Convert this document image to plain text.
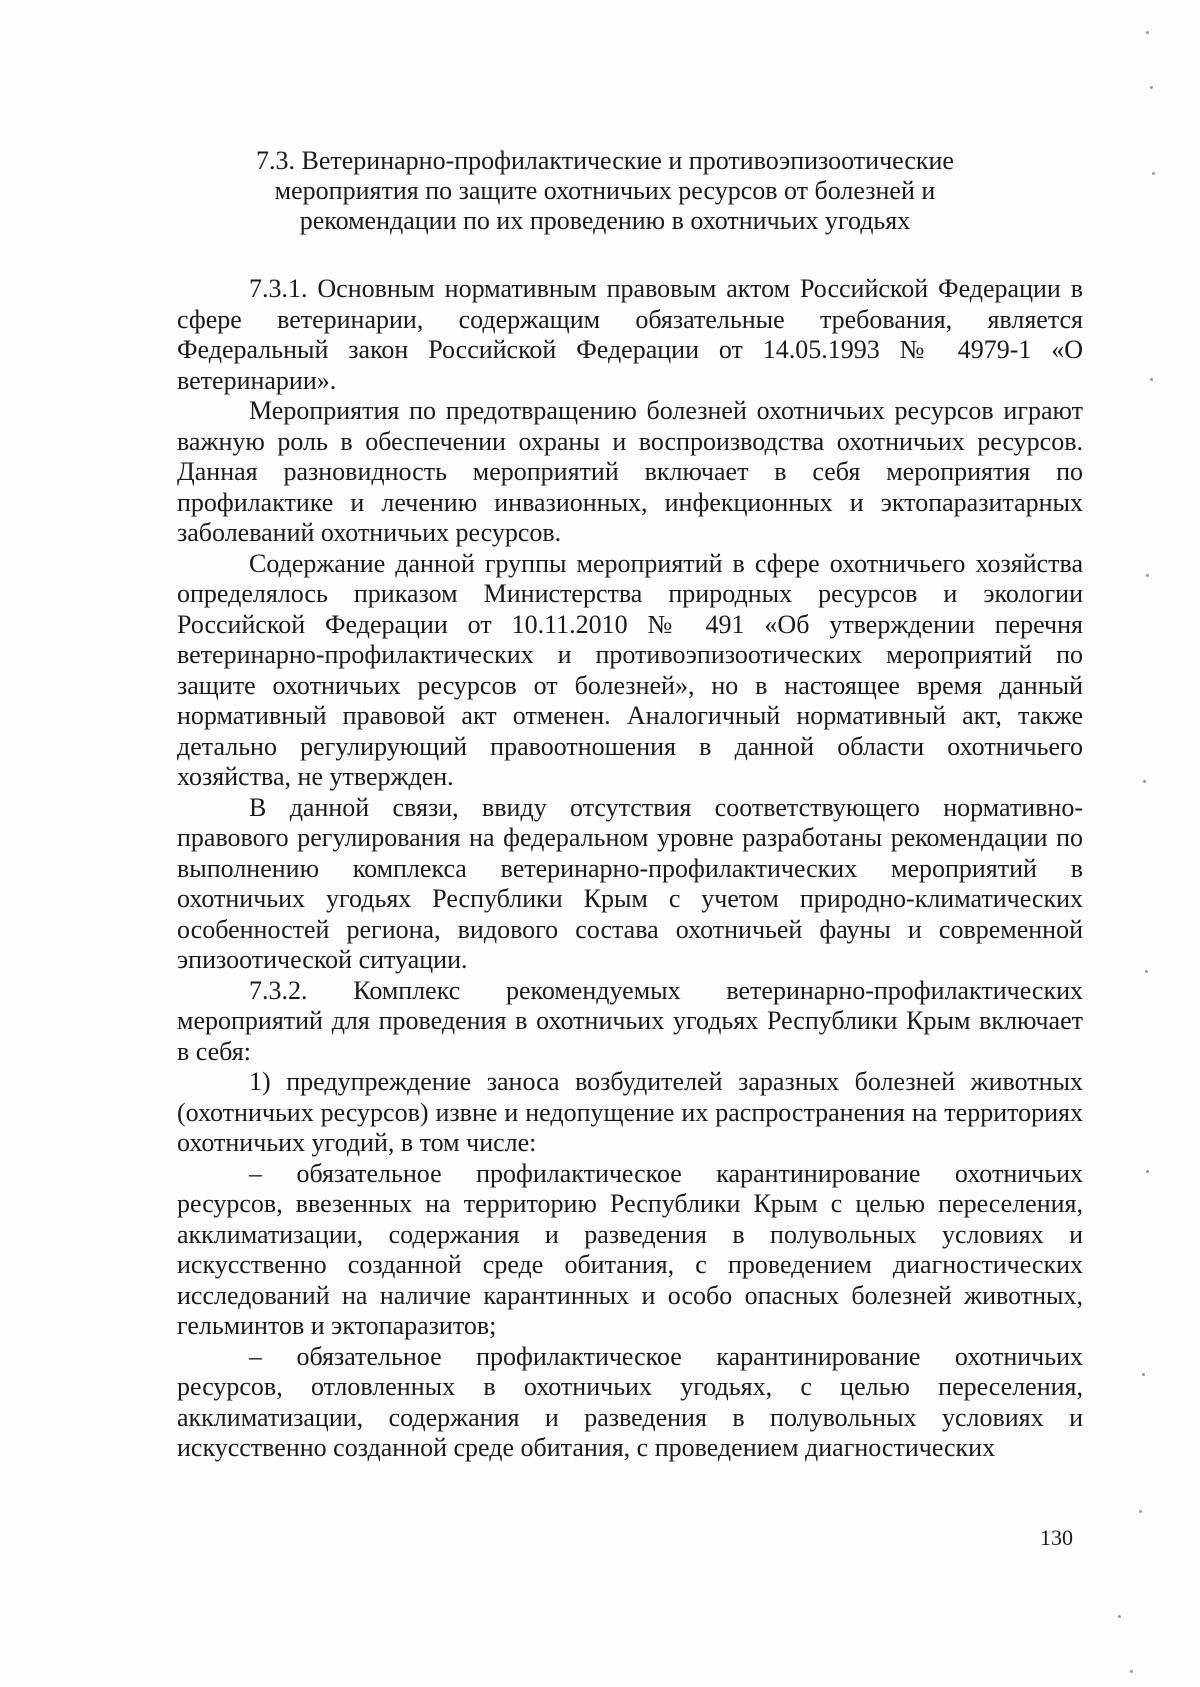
7.3. Ветеринарно-профилактические и противоэпизоотические мероприятия по защите охотничьих ресурсов от болезней и рекомендации по их проведению в охотничьих угодьях

7.3.1. Основным нормативным правовым актом Российской Федерации в сфере ветеринарии, содержащим обязательные требования, является Федеральный закон Российской Федерации от 14.05.1993 № 4979-1 «О ветеринарии».

Мероприятия по предотвращению болезней охотничьих ресурсов играют важную роль в обеспечении охраны и воспроизводства охотничьих ресурсов. Данная разновидность мероприятий включает в себя мероприятия по профилактике и лечению инвазионных, инфекционных и эктопаразитарных заболеваний охотничьих ресурсов.

Содержание данной группы мероприятий в сфере охотничьего хозяйства определялось приказом Министерства природных ресурсов и экологии Российской Федерации от 10.11.2010 № 491 «Об утверждении перечня ветеринарно-профилактических и противоэпизоотических мероприятий по защите охотничьих ресурсов от болезней», но в настоящее время данный нормативный правовой акт отменен. Аналогичный нормативный акт, также детально регулирующий правоотношения в данной области охотничьего хозяйства, не утвержден.

В данной связи, ввиду отсутствия соответствующего нормативно-правового регулирования на федеральном уровне разработаны рекомендации по выполнению комплекса ветеринарно-профилактических мероприятий в охотничьих угодьях Республики Крым с учетом природно-климатических особенностей региона, видового состава охотничьей фауны и современной эпизоотической ситуации.

7.3.2. Комплекс рекомендуемых ветеринарно-профилактических мероприятий для проведения в охотничьих угодьях Республики Крым включает в себя:

1) предупреждение заноса возбудителей заразных болезней животных (охотничьих ресурсов) извне и недопущение их распространения на территориях охотничьих угодий, в том числе:

– обязательное профилактическое карантинирование охотничьих ресурсов, ввезенных на территорию Республики Крым с целью переселения, акклиматизации, содержания и разведения в полувольных условиях и искусственно созданной среде обитания, с проведением диагностических исследований на наличие карантинных и особо опасных болезней животных, гельминтов и эктопаразитов;

– обязательное профилактическое карантинирование охотничьих ресурсов, отловленных в охотничьих угодьях, с целью переселения, акклиматизации, содержания и разведения в полувольных условиях и искусственно созданной среде обитания, с проведением диагностических

130
